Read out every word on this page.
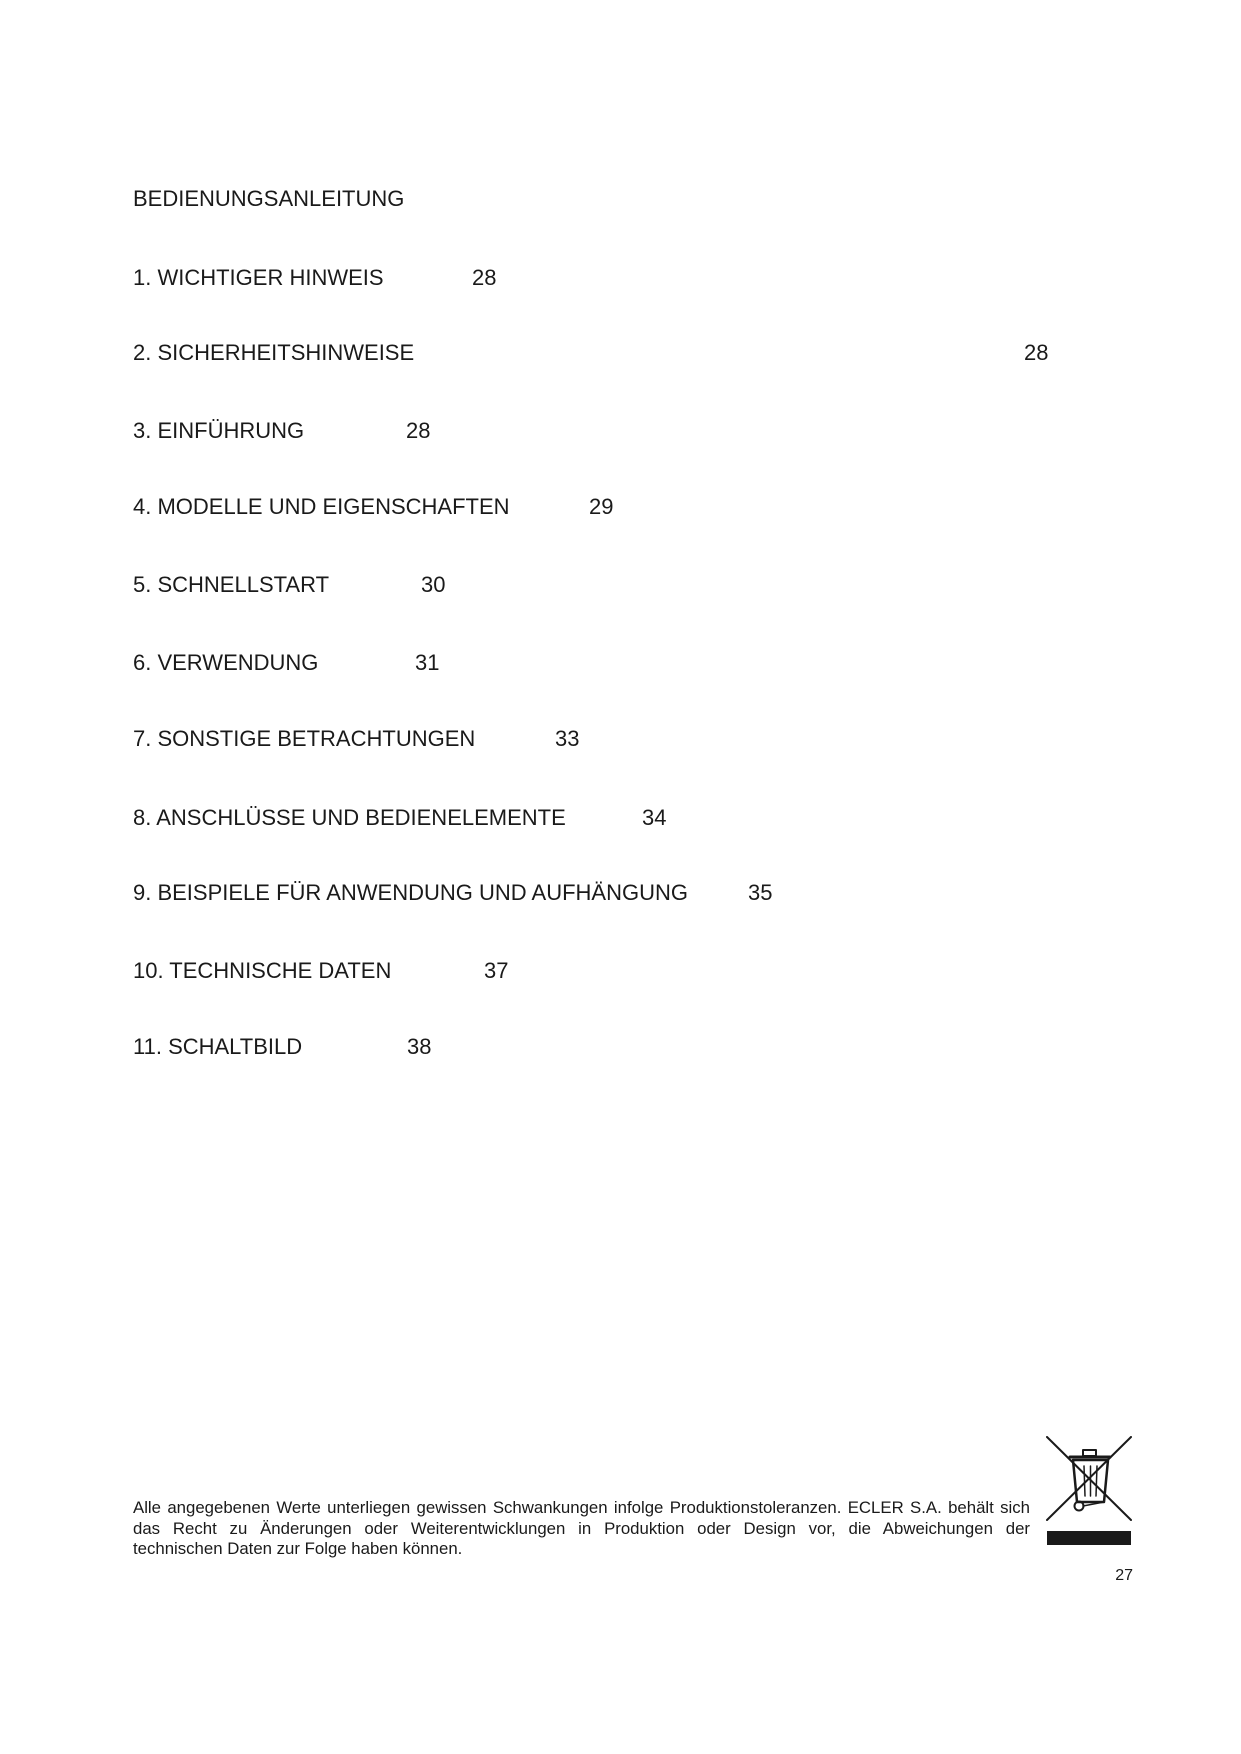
BEDIENUNGSANLEITUNG
1. WICHTIGER HINWEIS	28
2. SICHERHEITSHINWEISE	28
3. EINFÜHRUNG	28
4. MODELLE UND EIGENSCHAFTEN	29
5. SCHNELLSTART	30
6. VERWENDUNG	31
7. SONSTIGE BETRACHTUNGEN	33
8. ANSCHLÜSSE UND BEDIENELEMENTE	34
9. BEISPIELE FÜR ANWENDUNG UND AUFHÄNGUNG	35
10. TECHNISCHE DATEN	37
11. SCHALTBILD	38
Alle angegebenen Werte unterliegen gewissen Schwankungen infolge Produktionstoleranzen. ECLER S.A. behält sich
das Recht zu Änderungen oder Weiterentwicklungen in Produktion oder Design vor, die Abweichungen der
technischen Daten zur Folge haben können.
27
